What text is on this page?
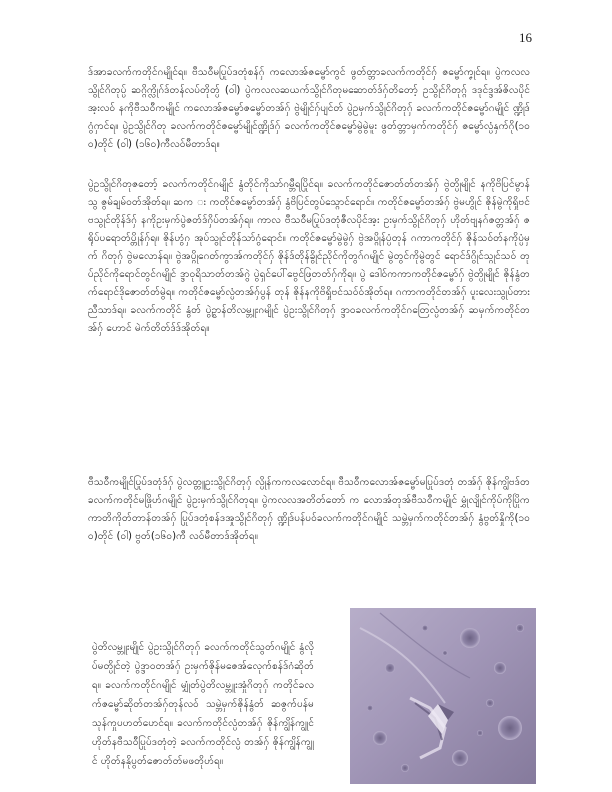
16

ဒ်အာခလက်ကတိုင်ဂမျိုင်ရ။ ဗီသဝီမပြုပ်ဒတုံစန်ဂှ် ကလောအ်ဇမ္ဗော်ကွင် ဖွတ်တ္ဘာခလက်ကတိုင်ဂှ် ဇမ္ဗော်ကၞုင်ရ။ ပွဲကလလသွိုင်ဂိတုပ္ပ် ဆဂ္ဂိက္လိုဂ်ဒ်တန်လပ်တိုတ္ပ် (၀ါ) ပွဲကလလဆယက်သွိုင်ဂိတုမဆောတ်ဒ်ဂှ်တိတော့် ဥသွိုင်ဂိတုဂ္ဂ် ဒဒုင်ဒ္ဒအ်ဇိလပိုင်အ့းလဝ် နကိုဗီသဝီကမျိုင် ကလောအ်ဇမ္ဗော်ဇမ္ဗော်တအ်ဂှ် ဗွဲမျိုင်ဂှ်ပျင်တ် ပွဲဥမှက်သွိုင်ဂိတုဂှ် ခလက်ကတိုင်ဇမ္ဗော်ဂမျိုင် ဏ္ဍိုဒ်ဂွံဂှာင်ရ။ ပွဲဥသွိုင်ဂိတု ခလက်ကတိုင်ဇမ္ဗော်မျိုင်ဏ္ဍိုဒ်ဂှ် ခလက်ကတိုင်ဇမ္ဗော်မွဲမွဲမူး ဖွတ်တ္ဘာမှက်ကတိုင်ဂှ် ဇမ္ဗော်လ္ပံနှက်ဂို(၁၀၀)တိုင် (၀ါ) (၁၆၀)ကီလဝ်မီတာဒ်ရ။

ပွဲဥသွိုင်ဂိတုဇတော့် ခလက်ကတိုင်ဂမျိုင် နွံတိုင်ကိုသာ်ဂမ္ဘီရပြိုင်ရ။ ခလက်ကတိုင်ဇောတ်တ်တအ်ဂှ် ဗွဲတ္ပိုမျိုင် နကိုဗိပြင်မွာန်သွ ဇွမ်ချမ်ဝတ်အိုတ်ရ။ ဆက း ကတိုင်ဇမ္ဗော်တအ်ဂှ် နွံဗိပြင်တွပ်သ္ဂောင်ရောင်။ ကတိုင်ဇမ္ဗော်တအ်ဂှ် ဗွဲမဟွိုင် ဇိုန်မွဲကိုရှိုဗင်ဗသွုင်တိုန်ဒ်ဂှ် နကိုဥးမှက်ပွဲဇတ်ဒ်ဂှိပ်တအ်ဂှ်ရ။ ကာလ ဗီသဝီမပြုပ်ဒတုံဇီလပိုင်အ့း ဥးမှက်သွိုင်ဂိတုဂှ် ဟိုတ်ဗျနဂ်ဇတ္တအ်ဂှ် ဇရိုပ်ပရောတ်ပ္တိုန်ဂှ်ရ။ ဇိုန်ဟွံဂှ အုပ်သွုင်တိုန်သာ်ဂွံရောင်။ ကတိုင်ဇမ္ဗော်မွဲမွဲဂှ် ဗွဲအပ္ဂိုန်ပ္ပံတုန် ဂကာကတိုင်ဂှ် ဇိုန်သဝ်တ်နကိုပ္ပံမှက် ဂိတုဂှ် ဗွဲမလောန်ရ။ ဗွဲအပ္ဂိုဂေတ်ကွာအ်ကတိုင်ဂှ် ဇိုန်ဒ်တိုန်ခွိုင်ညိုင်ကိုတွဂ်ဂမျိုင် မွဲတွင်ကိုမွဲတွင် ရောင်ဒ်ဂွိုင်သ္ဂုင်သဝ် တုပ်ညိုင်ကိုရောင်တွင်ဂမျိုင် ဒ္ဒာဝုရိသာတ်တအ်ဂွဲ ပွဲရှင်ပေါ်ဗွေင်ဖြတတ်ဂှ်ကိုရ။ ပွဲ ဒေါဝ်ကကာကတိုင်ဇမ္ဗော်ဂှ် ဗွဲတ္ပိုမျိုင် ဇိုန်နွံတက်ရောင်ဒိုဇောတ်တ်မွဲရ။ ကတိုင်ဇမ္ဗော်လ္ပံတအ်ဂှ်ပွန် တုန် ဇိုန်နကိုဗိရှိုဗင်သဝ်ဝ်အိုတ်ရ။ ဂကာကတိုင်တအ်ဂှ် ပူးလေးသွုပ်တားညီသာဒ်ရ။ ခလက်ကတိုင် နွံတ် ပွဲဥ္ဂာန်တိလမ္ဘူးဂမျိုင် ပွဲဥးသွိုင်ဂိတုဂှ် ဒ္ဒာဝခလက်ကတိုင်ဂတြေလ္ပံတအ်ဂှ် ဆမှက်ကတိုင်တအ်ဂှ် ဟောင် မဲက်တိတ်ဒ်ဒ်အိုတ်ရ။

ဗီသဝီကမျိုင်ပြုပ်ဒတုံဒ်ဂှ် ပွဲလတ္တူဥးသွိုင်ဂိတုဂှ် လ္ပိုန်ကကလလောင်ရ။ ဗီသဝီကလောအ်ဇမ္ဗော်မပြုပ်ဒတုံ တအ်ဂှ် ဇိုန်ကျွိဗဒ်တ ခလက်ကတိုင်မဖြိုဟ်ဂမျိုင် ပွဲဥးမှက်သွိုင်ဂိတုရ။ ပွဲကလလအတိတ်တော် က လောအ်တုအ်ဗီသဝီကမျိုင် မွှုံလျိုင်ကိုပ်ကိုပြိုကကာတိကိုတ်တာန်တအ်ဂှ် ပြုပ်ဒတုံစန်ဒအှုသွိုင်ဂိတုဂှ် ဏ္ဍိုဒ်ပန်ပဝ်ခလက်ကတိုင်ဂမျိုင် သမ္ဘဲမှက်ကတိုင်တအ်ဂှ် နွံဗွတ်နှိုကို(၁၀၀)တိုင် (၀ါ) ဗွတ်(၁၆၀)ကီ လဝ်မီတာဒ်အိုတ်ရ။

ပွဲတိလမ္ဘူးမျိုင် ပွဲဥးသွိုင်ဂိတုဂှ် ခလက်ကတိုင်သွတ်ဂမျိုင် နွံလိုပ်မတ္ပိုင်တဲ့ ပွဲဒ္ဒာဝတအ်ဂှ် ဥးမှက်ဇိုန်မဇေအ်လေုက်စန်ဒ်ဂံဆိုတ်ရ။ ခလက်ကတိုင်ဂမျိုင် မျှုံတ်ပွဲတိလမ္ဘူးအှုံဂိတုဂှ် ကတိုင်ခလက်ဇမ္ဗော်ဆိုတ်တအ်ဂှ်တုန်လဝ် သမ္ဘဲမှက်ဇိုန်နွံတ် ဆဇွက်ပန်မသုန်ကှုပဟတ်ပောင်ရ။ ခလက်ကတိုင်လ္ပံတအ်ဂှ် ဇိုန်ကျွိန်ကျွုင်ဟိုတ်နဗီသဝီပြုပ်ဒတုံတဲ့ ခလက်ကတိုင်လ္ပံ တအ်ဂှ် ဇိုန်ကျွိန်ကျွုင် ဟိုတ်နနိုပွတ်ဇောတ်တ်မဖတိုဟ်ရ။
